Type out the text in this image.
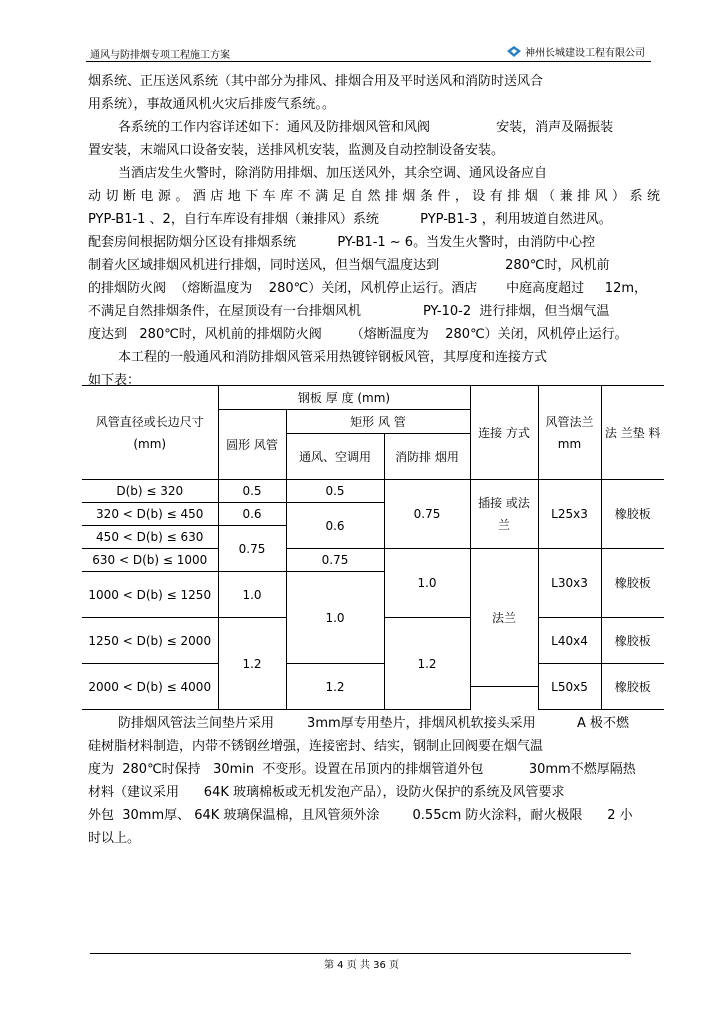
通风与防排烟专项工程施工方案	神州长城建设工程有限公司

烟系统、正压送风系统（其中部分为排风、排烟合用及平时送风和消防时送风合

用系统），事故通风机火灾后排废气系统。。

各系统的工作内容详述如下：通风及防排烟风管和风阀                安装，消声及隔振装

置安装，末端风口设备安装，送排风机安装，监测及自动控制设备安装。

当酒店发生火警时，除消防用排烟、加压送风外，其余空调、通风设备应自

动切断电源。酒店地下车库不满足自然排烟条件，设有排烟（兼排风）系统

PYP-B1-1 、2，自行车库设有排烟（兼排风）系统          PYP-B1-3 ，利用坡道自然进风。

配套房间根据防烟分区设有排烟系统          PY-B1-1 ~ 6。当发生火警时，由消防中心控

制着火区域排烟风机进行排烟，同时送风，但当烟气温度达到                280℃时，风机前

的排烟防火阀  （熔断温度为    280℃）关闭，风机停止运行。酒店       中庭高度超过     12m，

不满足自然排烟条件，在屋顶设有一台排烟风机               PY-10-2  进行排烟，但当烟气温

度达到   280℃时，风机前的排烟防火阀       （熔断温度为    280℃）关闭，风机停止运行。

本工程的一般通风和消防排烟风管采用热镀锌钢板风管，其厚度和连接方式

如下表：

风管直径或长边尺寸 (mm)	钢板 厚 度 (mm)			连接 方式	风管法兰 mm	法 兰垫 料
	圆形 风管	矩形 风 管				
		通风、空调用	消防排 烟用			
D(b) ≤ 320	0.5	0.5	0.75	插接 或法兰	L25x3	橡胶板
320 < D(b) ≤ 450	0.6	0.6				
450 < D(b) ≤ 630	0.75					
630 < D(b) ≤ 1000		0.75	1.0	法兰	L30x3	橡胶板
1000 < D(b) ≤ 1250	1.0	1.0				

1250 < D(b) ≤ 2000	1.2		1.2		L40x4	橡胶板

2000 < D(b) ≤ 4000		1.2			L50x5	橡胶板

防排烟风管法兰间垫片采用        3mm厚专用垫片，排烟风机软接头采用          A 极不燃

硅树脂材料制造，内带不锈钢丝增强，连接密封、结实，钢制止回阀要在烟气温

度为  280℃时保持   30min  不变形。设置在吊顶内的排烟管道外包           30mm不燃厚隔热

材料（建议采用      64K 玻璃棉板或无机发泡产品），设防火保护的系统及风管要求

外包  30mm厚、 64K 玻璃保温棉，且风管须外涂        0.55cm 防火涂料，耐火极限      2 小

时以上。

第 4 页 共 36 页
